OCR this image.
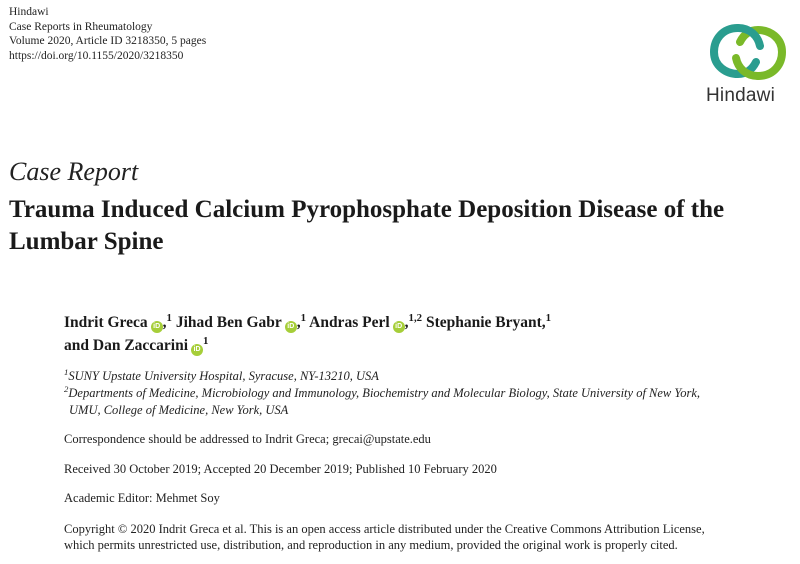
Hindawi
Case Reports in Rheumatology
Volume 2020, Article ID 3218350, 5 pages
https://doi.org/10.1155/2020/3218350
Hindawi
Case Report
Trauma Induced Calcium Pyrophosphate Deposition Disease of the Lumbar Spine
Indrit Greca iD ,$^1$ Jihad Ben Gabr iD ,$^1$ Andras Perl iD ,$^{1,2}$ Stephanie Bryant,$^1$
and Dan Zaccarini $iD^1$
$^1$SUNY Upstate University Hospital, Syracuse, NY-13210, USA
$^2$Departments of Medicine, Microbiology and Immunology, Biochemistry and Molecular Biology, State University of New York,
UMU, College of Medicine, New York, USA
Correspondence should be addressed to Indrit Greca; grecai@upstate.edu
Received 30 October 2019; Accepted 20 December 2019; Published 10 February 2020
Academic Editor: Mehmet Soy
Copyright © 2020 Indrit Greca et al. This is an open access article distributed under the Creative Commons Attribution License,
which permits unrestricted use, distribution, and reproduction in any medium, provided the original work is properly cited.
